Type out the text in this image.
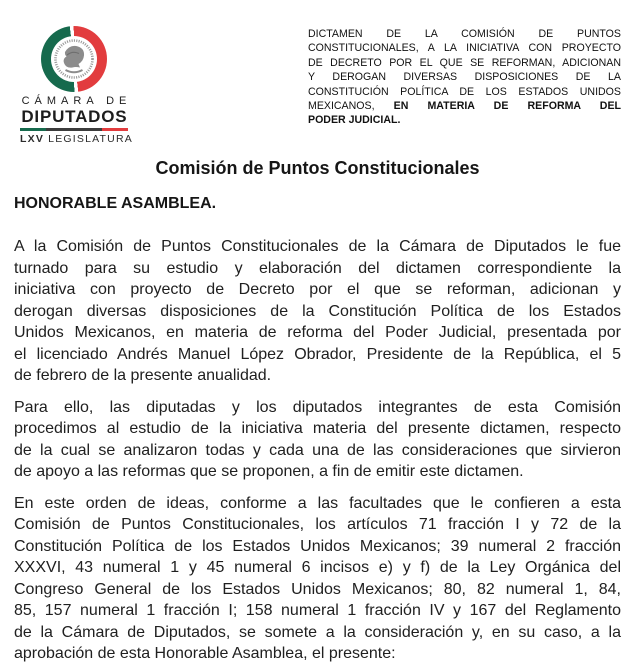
CÁMARA DE
DIPUTADOS
LXV LEGISLATURA
DICTAMEN DE LA COMISIÓN DE PUNTOS
CONSTITUCIONALES, A LA INICIATIVA CON PROYECTO
DE DECRETO POR EL QUE SE REFORMAN, ADICIONAN
Y DEROGAN DIVERSAS DISPOSICIONES DE LA
CONSTITUCIÓN POLÍTICA DE LOS ESTADOS UNIDOS
MEXICANOS, EN MATERIA DE REFORMA DEL
PODER JUDICIAL.
Comisión de Puntos Constitucionales
HONORABLE ASAMBLEA.
A la Comisión de Puntos Constitucionales de la Cámara de Diputados le fue
turnado para su estudio y elaboración del dictamen correspondiente la
iniciativa con proyecto de Decreto por el que se reforman, adicionan y
derogan diversas disposiciones de la Constitución Política de los Estados
Unidos Mexicanos, en materia de reforma del Poder Judicial, presentada por
el licenciado Andrés Manuel López Obrador, Presidente de la República, el 5
de febrero de la presente anualidad.
Para ello, las diputadas y los diputados integrantes de esta Comisión
procedimos al estudio de la iniciativa materia del presente dictamen, respecto
de la cual se analizaron todas y cada una de las consideraciones que sirvieron
de apoyo a las reformas que se proponen, a fin de emitir este dictamen.
En este orden de ideas, conforme a las facultades que le confieren a esta
Comisión de Puntos Constitucionales, los artículos 71 fracción I y 72 de la
Constitución Política de los Estados Unidos Mexicanos; 39 numeral 2 fracción
XXXVI, 43 numeral 1 y 45 numeral 6 incisos e) y f) de la Ley Orgánica del
Congreso General de los Estados Unidos Mexicanos; 80, 82 numeral 1, 84,
85, 157 numeral 1 fracción I; 158 numeral 1 fracción IV y 167 del Reglamento
de la Cámara de Diputados, se somete a la consideración y, en su caso, a la
aprobación de esta Honorable Asamblea, el presente:
